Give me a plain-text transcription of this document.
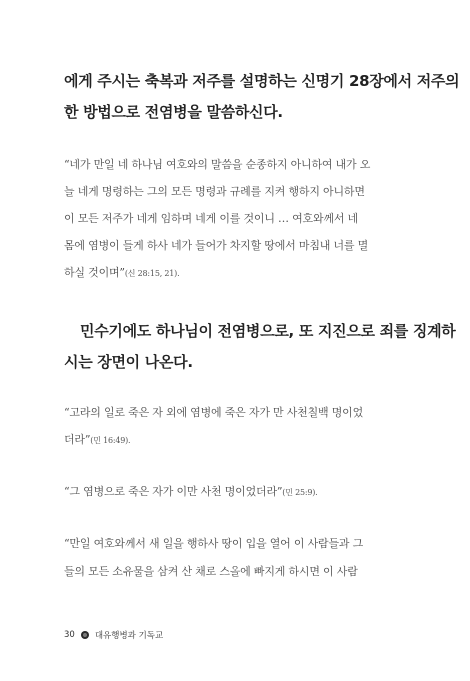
에게 주시는 축복과 저주를 설명하는 신명기 28장에서 저주의
한 방법으로 전염병을 말씀하신다.
“네가 만일 네 하나님 여호와의 말씀을 순종하지 아니하여 내가 오
늘 네게 명령하는 그의 모든 명령과 규례를 지켜 행하지 아니하면
이 모든 저주가 네게 임하며 네게 이를 것이니 … 여호와께서 네
몸에 염병이 들게 하사 네가 들어가 차지할 땅에서 마침내 너를 멸
하실 것이며”(신 28:15, 21).
민수기에도 하나님이 전염병으로, 또 지진으로 죄를 징계하
시는 장면이 나온다.
“고라의 일로 죽은 자 외에 염병에 죽은 자가 만 사천칠백 명이었
더라”(민 16:49).
“그 염병으로 죽은 자가 이만 사천 명이었더라”(민 25:9).
“만일 여호와께서 새 일을 행하사 땅이 입을 열어 이 사람들과 그
들의 모든 소유물을 삼켜 산 채로 스올에 빠지게 하시면 이 사람
30 대유행병과 기독교
